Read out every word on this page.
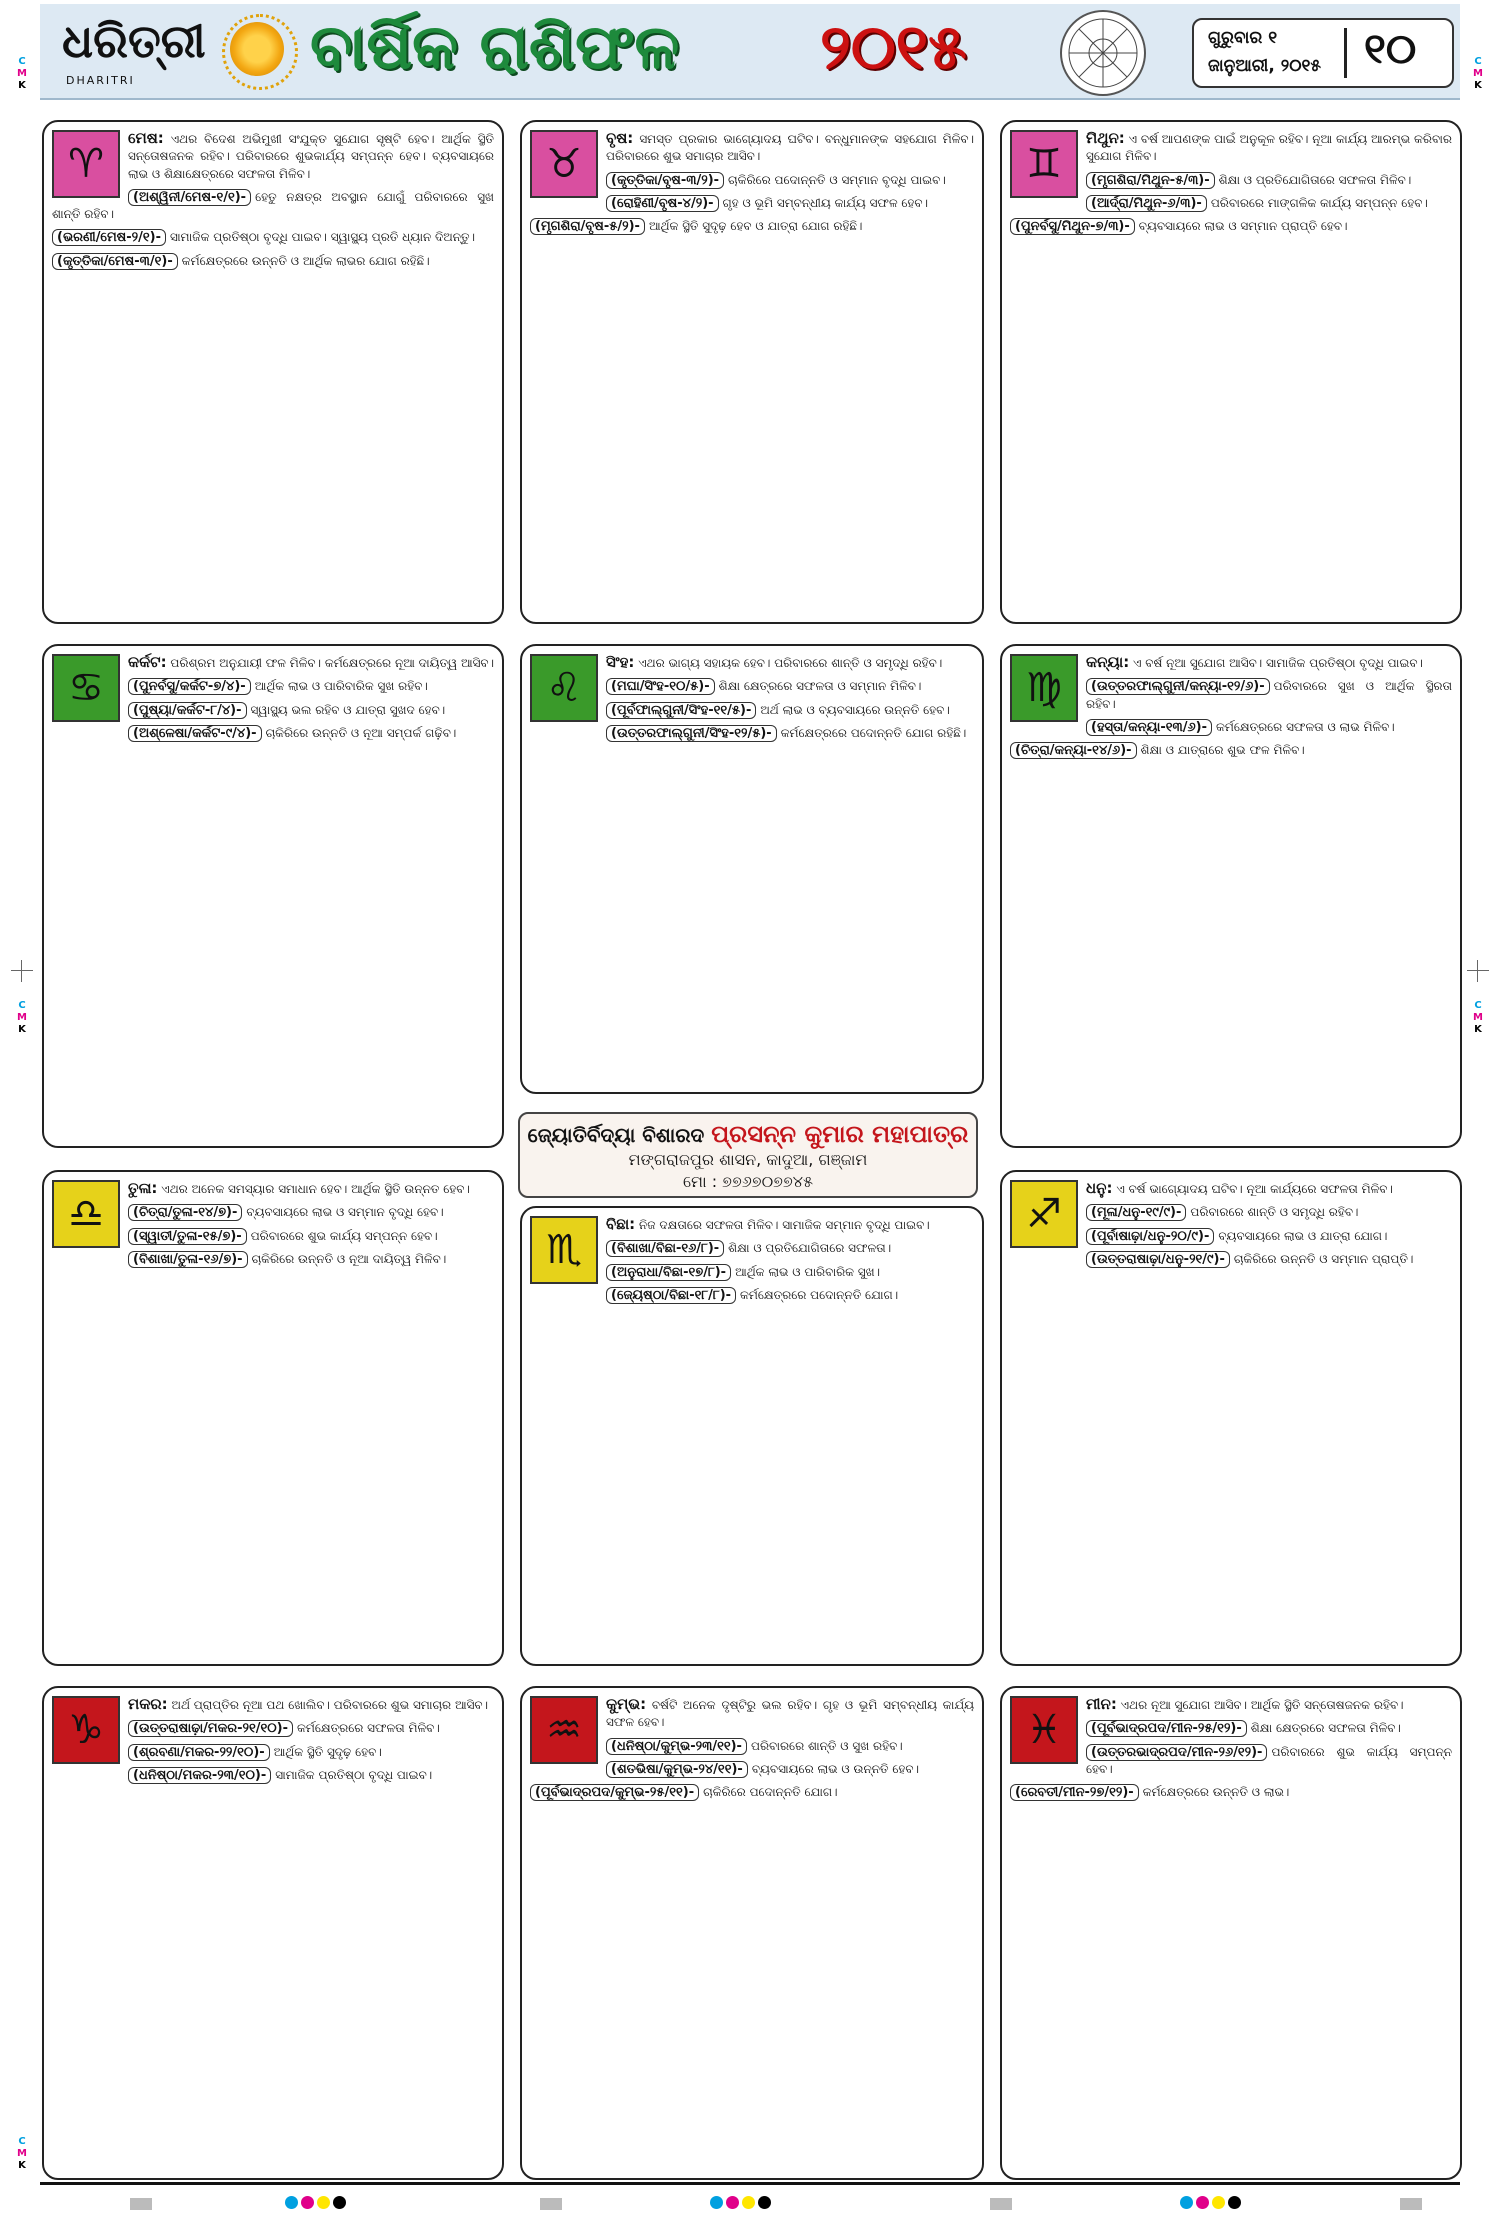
ଧରିତ୍ରୀ
DHARITRI	ବାର୍ଷିକ ରାଶିଫଳ ୨୦୧୫	ଗୁରୁବାର ୧
ଜାନୁଆରୀ, ୨୦୧୫ ୧୦
C
M
K
C
M
K
C
M
K
C
M
K
C
M
K
♈
ମେଷ: ଏଥର ବିଦେଶ ଅଭିମୁଖୀ ସଂଯୁକ୍ତ ସୁଯୋଗ ସୃଷ୍ଟି ହେବ। ଆର୍ଥିକ ସ୍ଥିତି ସନ୍ତୋଷଜନକ ରହିବ। ପରିବାରରେ ଶୁଭକାର୍ଯ୍ୟ ସମ୍ପନ୍ନ ହେବ। ବ୍ୟବସାୟରେ ଲାଭ ଓ ଶିକ୍ଷାକ୍ଷେତ୍ରରେ ସଫଳତା ମିଳିବ।
(ଅଶ୍ୱିନୀ/ମେଷ-୧/୧)- ହେତୁ ନକ୍ଷତ୍ର ଅବସ୍ଥାନ ଯୋଗୁଁ ପରିବାରରେ ସୁଖ ଶାନ୍ତି ରହିବ।
(ଭରଣୀ/ମେଷ-୨/୧)- ସାମାଜିକ ପ୍ରତିଷ୍ଠା ବୃଦ୍ଧି ପାଇବ। ସ୍ୱାସ୍ଥ୍ୟ ପ୍ରତି ଧ୍ୟାନ ଦିଅନ୍ତୁ।
(କୃତ୍ତିକା/ମେଷ-୩/୧)- କର୍ମକ୍ଷେତ୍ରରେ ଉନ୍ନତି ଓ ଆର୍ଥିକ ଲାଭର ଯୋଗ ରହିଛି।
♉
ବୃଷ: ସମସ୍ତ ପ୍ରକାର ଭାଗ୍ୟୋଦୟ ଘଟିବ। ବନ୍ଧୁମାନଙ୍କ ସହଯୋଗ ମିଳିବ। ପରିବାରରେ ଶୁଭ ସମାଚାର ଆସିବ।
(କୃତ୍ତିକା/ବୃଷ-୩/୨)- ଚାକିରିରେ ପଦୋନ୍ନତି ଓ ସମ୍ମାନ ବୃଦ୍ଧି ପାଇବ।
(ରୋହିଣୀ/ବୃଷ-୪/୨)- ଗୃହ ଓ ଭୂମି ସମ୍ବନ୍ଧୀୟ କାର୍ଯ୍ୟ ସଫଳ ହେବ।
(ମୃଗଶିରା/ବୃଷ-୫/୨)- ଆର୍ଥିକ ସ୍ଥିତି ସୁଦୃଢ଼ ହେବ ଓ ଯାତ୍ରା ଯୋଗ ରହିଛି।
♊
ମିଥୁନ: ଏ ବର୍ଷ ଆପଣଙ୍କ ପାଇଁ ଅନୁକୂଳ ରହିବ। ନୂଆ କାର୍ଯ୍ୟ ଆରମ୍ଭ କରିବାର ସୁଯୋଗ ମିଳିବ।
(ମୃଗଶିରା/ମିଥୁନ-୫/୩)- ଶିକ୍ଷା ଓ ପ୍ରତିଯୋଗିତାରେ ସଫଳତା ମିଳିବ।
(ଆର୍ଦ୍ରା/ମିଥୁନ-୬/୩)- ପରିବାରରେ ମାଙ୍ଗଳିକ କାର୍ଯ୍ୟ ସମ୍ପନ୍ନ ହେବ।
(ପୁନର୍ବସୁ/ମିଥୁନ-୭/୩)- ବ୍ୟବସାୟରେ ଲାଭ ଓ ସମ୍ମାନ ପ୍ରାପ୍ତି ହେବ।
♋
କର୍କଟ: ପରିଶ୍ରମ ଅନୁଯାୟୀ ଫଳ ମିଳିବ। କର୍ମକ୍ଷେତ୍ରରେ ନୂଆ ଦାୟିତ୍ୱ ଆସିବ।
(ପୁନର୍ବସୁ/କର୍କଟ-୭/୪)- ଆର୍ଥିକ ଲାଭ ଓ ପାରିବାରିକ ସୁଖ ରହିବ।
(ପୁଷ୍ୟା/କର୍କଟ-୮/୪)- ସ୍ୱାସ୍ଥ୍ୟ ଭଲ ରହିବ ଓ ଯାତ୍ରା ସୁଖଦ ହେବ।
(ଅଶ୍ଳେଷା/କର୍କଟ-୯/୪)- ଚାକିରିରେ ଉନ୍ନତି ଓ ନୂଆ ସମ୍ପର୍କ ଗଢ଼ିବ।
♌
ସିଂହ: ଏଥର ଭାଗ୍ୟ ସହାୟକ ହେବ। ପରିବାରରେ ଶାନ୍ତି ଓ ସମୃଦ୍ଧି ରହିବ।
(ମଘା/ସିଂହ-୧୦/୫)- ଶିକ୍ଷା କ୍ଷେତ୍ରରେ ସଫଳତା ଓ ସମ୍ମାନ ମିଳିବ।
(ପୂର୍ବଫାଲ୍ଗୁନୀ/ସିଂହ-୧୧/୫)- ଅର୍ଥ ଲାଭ ଓ ବ୍ୟବସାୟରେ ଉନ୍ନତି ହେବ।
(ଉତ୍ତରଫାଲ୍ଗୁନୀ/ସିଂହ-୧୨/୫)- କର୍ମକ୍ଷେତ୍ରରେ ପଦୋନ୍ନତି ଯୋଗ ରହିଛି।
♍
କନ୍ୟା: ଏ ବର୍ଷ ନୂଆ ସୁଯୋଗ ଆସିବ। ସାମାଜିକ ପ୍ରତିଷ୍ଠା ବୃଦ୍ଧି ପାଇବ।
(ଉତ୍ତରଫାଲ୍ଗୁନୀ/କନ୍ୟା-୧୨/୬)- ପରିବାରରେ ସୁଖ ଓ ଆର୍ଥିକ ସ୍ଥିରତା ରହିବ।
(ହସ୍ତା/କନ୍ୟା-୧୩/୬)- କର୍ମକ୍ଷେତ୍ରରେ ସଫଳତା ଓ ଲାଭ ମିଳିବ।
(ଚିତ୍ରା/କନ୍ୟା-୧୪/୬)- ଶିକ୍ଷା ଓ ଯାତ୍ରାରେ ଶୁଭ ଫଳ ମିଳିବ।
♎
ତୁଳା: ଏଥର ଅନେକ ସମସ୍ୟାର ସମାଧାନ ହେବ। ଆର୍ଥିକ ସ୍ଥିତି ଉନ୍ନତ ହେବ।
(ଚିତ୍ରା/ତୁଳା-୧୪/୭)- ବ୍ୟବସାୟରେ ଲାଭ ଓ ସମ୍ମାନ ବୃଦ୍ଧି ହେବ।
(ସ୍ୱାତୀ/ତୁଳା-୧୫/୭)- ପରିବାରରେ ଶୁଭ କାର୍ଯ୍ୟ ସମ୍ପନ୍ନ ହେବ।
(ବିଶାଖା/ତୁଳା-୧୬/୭)- ଚାକିରିରେ ଉନ୍ନତି ଓ ନୂଆ ଦାୟିତ୍ୱ ମିଳିବ।	♏
ବିଛା: ନିଜ ଦକ୍ଷତାରେ ସଫଳତା ମିଳିବ। ସାମାଜିକ ସମ୍ମାନ ବୃଦ୍ଧି ପାଇବ।
(ବିଶାଖା/ବିଛା-୧୬/୮)- ଶିକ୍ଷା ଓ ପ୍ରତିଯୋଗିତାରେ ସଫଳତା।
(ଅନୁରାଧା/ବିଛା-୧୭/୮)- ଆର୍ଥିକ ଲାଭ ଓ ପାରିବାରିକ ସୁଖ।
(ଜ୍ୟେଷ୍ଠା/ବିଛା-୧୮/୮)- କର୍ମକ୍ଷେତ୍ରରେ ପଦୋନ୍ନତି ଯୋଗ।
♐
ଧନୁ: ଏ ବର୍ଷ ଭାଗ୍ୟୋଦୟ ଘଟିବ। ନୂଆ କାର୍ଯ୍ୟରେ ସଫଳତା ମିଳିବ।
(ମୂଳା/ଧନୁ-୧୯/୯)- ପରିବାରରେ ଶାନ୍ତି ଓ ସମୃଦ୍ଧି ରହିବ।
(ପୂର୍ବାଷାଢ଼ା/ଧନୁ-୨୦/୯)- ବ୍ୟବସାୟରେ ଲାଭ ଓ ଯାତ୍ରା ଯୋଗ।
(ଉତ୍ତରାଷାଢ଼ା/ଧନୁ-୨୧/୯)- ଚାକିରିରେ ଉନ୍ନତି ଓ ସମ୍ମାନ ପ୍ରାପ୍ତି।
♑
ମକର: ଅର୍ଥ ପ୍ରାପ୍ତିର ନୂଆ ପଥ ଖୋଲିବ। ପରିବାରରେ ଶୁଭ ସମାଚାର ଆସିବ।
(ଉତ୍ତରାଷାଢ଼ା/ମକର-୨୧/୧୦)- କର୍ମକ୍ଷେତ୍ରରେ ସଫଳତା ମିଳିବ।
(ଶ୍ରବଣା/ମକର-୨୨/୧୦)- ଆର୍ଥିକ ସ୍ଥିତି ସୁଦୃଢ଼ ହେବ।
(ଧନିଷ୍ଠା/ମକର-୨୩/୧୦)- ସାମାଜିକ ପ୍ରତିଷ୍ଠା ବୃଦ୍ଧି ପାଇବ।
♒
କୁମ୍ଭ: ବର୍ଷଟି ଅନେକ ଦୃଷ୍ଟିରୁ ଭଲ ରହିବ। ଗୃହ ଓ ଭୂମି ସମ୍ବନ୍ଧୀୟ କାର୍ଯ୍ୟ ସଫଳ ହେବ।
(ଧନିଷ୍ଠା/କୁମ୍ଭ-୨୩/୧୧)- ପରିବାରରେ ଶାନ୍ତି ଓ ସୁଖ ରହିବ।
(ଶତଭିଷା/କୁମ୍ଭ-୨୪/୧୧)- ବ୍ୟବସାୟରେ ଲାଭ ଓ ଉନ୍ନତି ହେବ।
(ପୂର୍ବଭାଦ୍ରପଦ/କୁମ୍ଭ-୨୫/୧୧)- ଚାକିରିରେ ପଦୋନ୍ନତି ଯୋଗ।
♓
ମୀନ: ଏଥର ନୂଆ ସୁଯୋଗ ଆସିବ। ଆର୍ଥିକ ସ୍ଥିତି ସନ୍ତୋଷଜନକ ରହିବ।
(ପୂର୍ବଭାଦ୍ରପଦ/ମୀନ-୨୫/୧୨)- ଶିକ୍ଷା କ୍ଷେତ୍ରରେ ସଫଳତା ମିଳିବ।
(ଉତ୍ତରଭାଦ୍ରପଦ/ମୀନ-୨୬/୧୨)- ପରିବାରରେ ଶୁଭ କାର୍ଯ୍ୟ ସମ୍ପନ୍ନ ହେବ।
(ରେବତୀ/ମୀନ-୨୭/୧୨)- କର୍ମକ୍ଷେତ୍ରରେ ଉନ୍ନତି ଓ ଲାଭ।
ଜ୍ୟୋତିର୍ବିଦ୍ୟା ବିଶାରଦ ପ୍ରସନ୍ନ କୁମାର ମହାପାତ୍ର
ମଙ୍ଗରାଜପୁର ଶାସନ, କାଦୁଆ, ଗଞ୍ଜାମ
ମୋ : ୭୭୬୭୦୭୭୪୫
